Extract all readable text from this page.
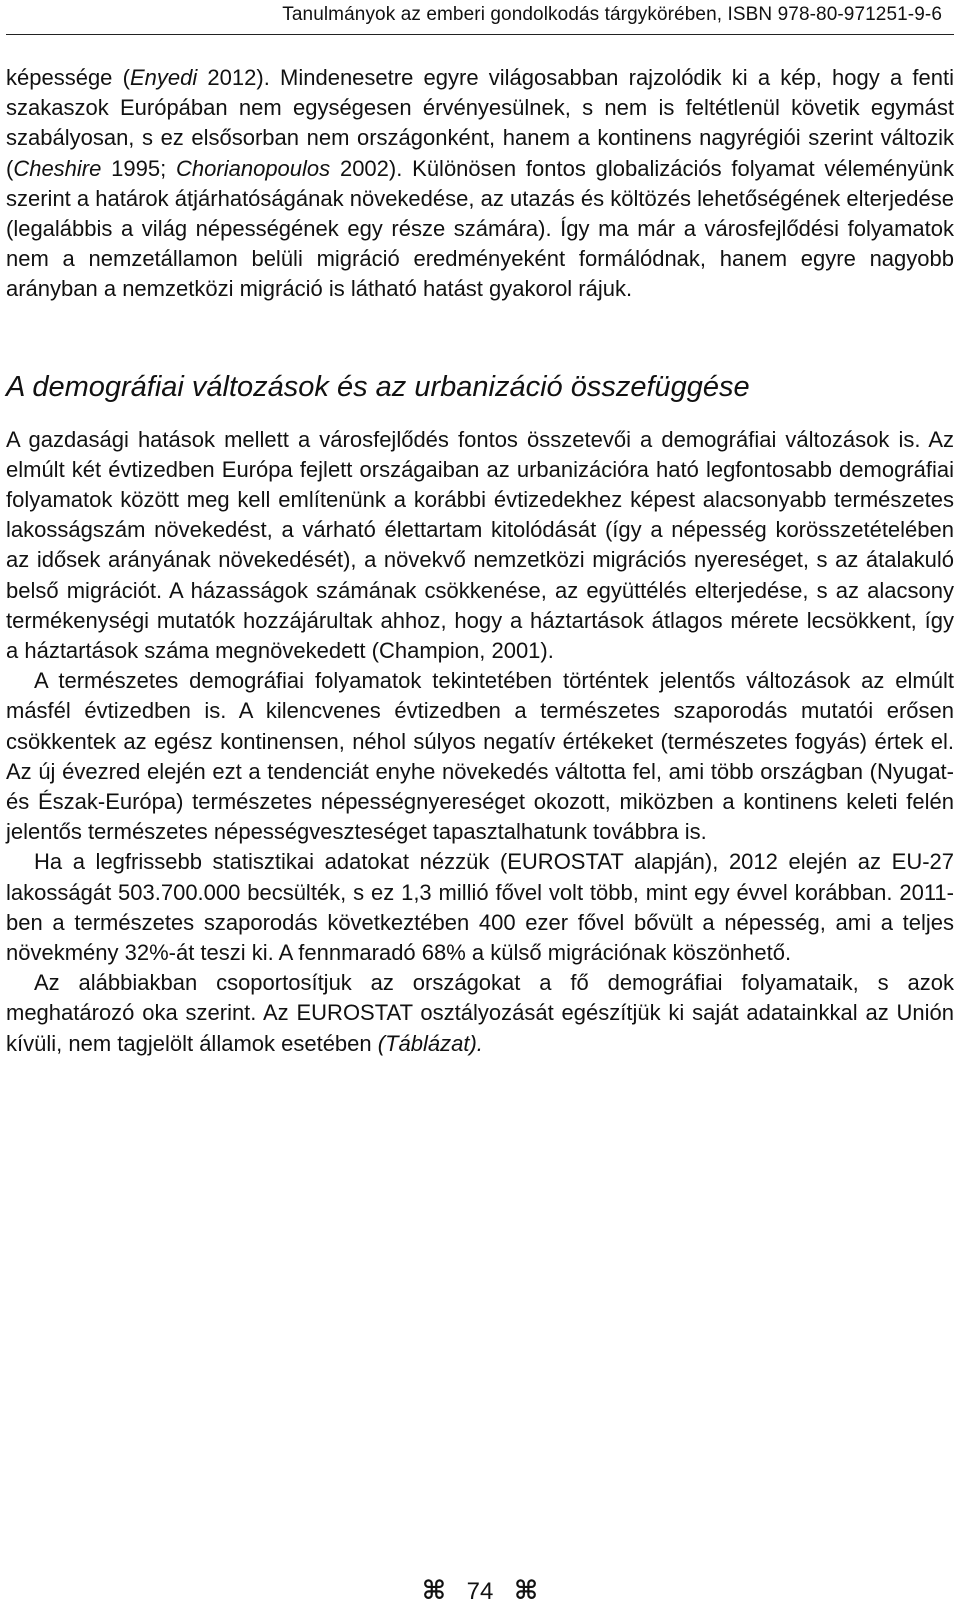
Tanulmányok az emberi gondolkodás tárgykörében, ISBN 978-80-971251-9-6

képessége (Enyedi 2012). Mindenesetre egyre világosabban rajzolódik ki a kép, hogy a fenti szakaszok Európában nem egységesen érvényesülnek, s nem is feltétlenül követik egymást szabályosan, s ez elsősorban nem országonként, hanem a kontinens nagyrégiói szerint változik (Cheshire 1995; Chorianopoulos 2002). Különösen fontos globalizációs folyamat véleményünk szerint a határok átjárhatóságának növekedése, az utazás és költözés lehetőségének elterjedése (legalábbis a világ népességének egy része számára). Így ma már a városfejlődési folyamatok nem a nemzetállamon belüli migráció eredményeként formálódnak, hanem egyre nagyobb arányban a nemzetközi migráció is látható hatást gyakorol rájuk.

A demográfiai változások és az urbanizáció összefüggése

A gazdasági hatások mellett a városfejlődés fontos összetevői a demográfiai változások is. Az elmúlt két évtizedben Európa fejlett országaiban az urbanizációra ható legfontosabb demográfiai folyamatok között meg kell említenünk a korábbi évtizedekhez képest alacsonyabb természetes lakosságszám növekedést, a várható élettartam kitolódását (így a népesség korösszetételében az idősek arányának növekedését), a növekvő nemzetközi migrációs nyereséget, s az átalakuló belső migrációt. A házasságok számának csökkenése, az együttélés elterjedése, s az alacsony termékenységi mutatók hozzájárultak ahhoz, hogy a háztartások átlagos mérete lecsökkent, így a háztartások száma megnövekedett (Champion, 2001).

A természetes demográfiai folyamatok tekintetében történtek jelentős változások az elmúlt másfél évtizedben is. A kilencvenes évtizedben a természetes szaporodás mutatói erősen csökkentek az egész kontinensen, néhol súlyos negatív értékeket (természetes fogyás) értek el. Az új évezred elején ezt a tendenciát enyhe növekedés váltotta fel, ami több országban (Nyugat-és Észak-Európa) természetes népességnyereséget okozott, miközben a kontinens keleti felén jelentős természetes népességveszteséget tapasztalhatunk továbbra is.

Ha a legfrissebb statisztikai adatokat nézzük (EUROSTAT alapján), 2012 elején az EU-27 lakosságát 503.700.000 becsülték, s ez 1,3 millió fővel volt több, mint egy évvel korábban. 2011-ben a természetes szaporodás következtében 400 ezer fővel bővült a népesség, ami a teljes növekmény 32%-át teszi ki. A fennmaradó 68% a külső migrációnak köszönhető.

Az alábbiakban csoportosítjuk az országokat a fő demográfiai folyamataik, s azok meghatározó oka szerint. Az EUROSTAT osztályozását egészítjük ki saját adatainkkal az Unión kívüli, nem tagjelölt államok esetében (Táblázat).

⌘ 74 ⌘
